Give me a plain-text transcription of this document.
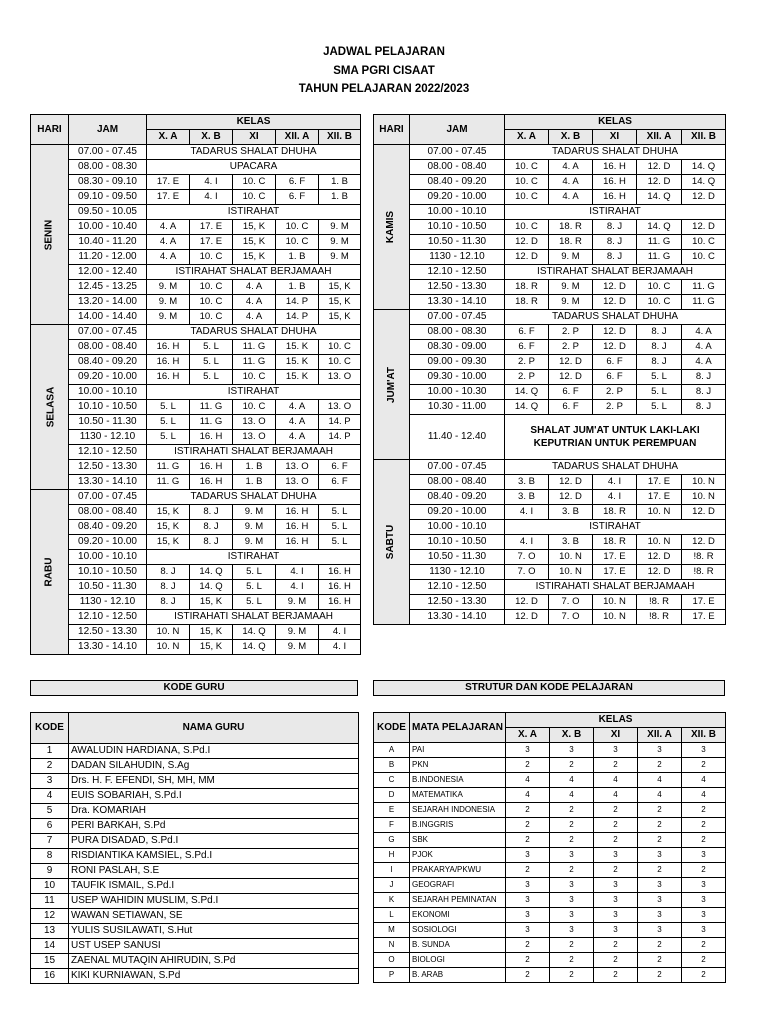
JADWAL PELAJARAN
SMA PGRI CISAAT
TAHUN PELAJARAN 2022/2023
HARI	JAM	KELAS				
		X. A	X. B	XI	XII. A	XII. B
SENIN	07.00 - 07.45	TADARUS SHALAT DHUHA				
	08.00 - 08.30	UPACARA				
	08.30 - 09.10	17. E	4. I	10. C	6. F	1. B
	09.10 - 09.50	17. E	4. I	10. C	6. F	1. B
	09.50 - 10.05	ISTIRAHAT				
	10.00 - 10.40	4. A	17. E	15, K	10. C	9. M
	10.40 - 11.20	4. A	17. E	15, K	10. C	9. M
	11.20 - 12.00	4. A	10. C	15, K	1. B	9. M
	12.00 - 12.40	ISTIRAHAT SHALAT BERJAMAAH				
	12.45 - 13.25	9. M	10. C	4. A	1. B	15, K
	13.20 - 14.00	9. M	10. C	4. A	14. P	15, K
	14.00 - 14.40	9. M	10. C	4. A	14. P	15, K
SELASA	07.00 - 07.45	TADARUS SHALAT DHUHA				
	08.00 - 08.40	16. H	5. L	11. G	15. K	10. C
	08.40 - 09.20	16. H	5. L	11. G	15. K	10. C
	09.20 - 10.00	16. H	5. L	10. C	15. K	13. O
	10.00 - 10.10	ISTIRAHAT				
	10.10 - 10.50	5. L	11. G	10. C	4. A	13. O
	10.50 - 11.30	5. L	11. G	13. O	4. A	14. P
	1130 - 12.10	5. L	16. H	13. O	4. A	14. P
	12.10 - 12.50	ISTIRAHATI SHALAT BERJAMAAH				
	12.50 - 13.30	11. G	16. H	1. B	13. O	6. F
	13.30 - 14.10	11. G	16. H	1. B	13. O	6. F
RABU	07.00 - 07.45	TADARUS SHALAT DHUHA				
	08.00 - 08.40	15, K	8. J	9. M	16. H	5. L
	08.40 - 09.20	15, K	8. J	9. M	16. H	5. L
	09.20 - 10.00	15, K	8. J	9. M	16. H	5. L
	10.00 - 10.10	ISTIRAHAT				
	10.10 - 10.50	8. J	14. Q	5. L	4. I	16. H
	10.50 - 11.30	8. J	14. Q	5. L	4. I	16. H
	1130 - 12.10	8. J	15, K	5. L	9. M	16. H
	12.10 - 12.50	ISTIRAHATI SHALAT BERJAMAAH				
	12.50 - 13.30	10. N	15, K	14. Q	9. M	4. I
	13.30 - 14.10	10. N	15, K	14. Q	9. M	4. I
HARI	JAM	KELAS				
		X. A	X. B	XI	XII. A	XII. B
KAMIS	07.00 - 07.45	TADARUS SHALAT DHUHA				
	08.00 - 08.40	10. C	4. A	16. H	12. D	14. Q
	08.40 - 09.20	10. C	4. A	16. H	12. D	14. Q
	09.20 - 10.00	10. C	4. A	16. H	14. Q	12. D
	10.00 - 10.10	ISTIRAHAT				
	10.10 - 10.50	10. C	18. R	8. J	14. Q	12. D
	10.50 - 11.30	12. D	18. R	8. J	11. G	10. C
	1130 - 12.10	12. D	9. M	8. J	11. G	10. C
	12.10 - 12.50	ISTIRAHAT SHALAT BERJAMAAH				
	12.50 - 13.30	18. R	9. M	12. D	10. C	11. G
	13.30 - 14.10	18. R	9. M	12. D	10. C	11. G
JUM'AT	07.00 - 07.45	TADARUS SHALAT DHUHA				
	08.00 - 08.30	6. F	2. P	12. D	8. J	4. A
	08.30 - 09.00	6. F	2. P	12. D	8. J	4. A
	09.00 - 09.30	2. P	12. D	6. F	8. J	4. A
	09.30 - 10.00	2. P	12. D	6. F	5. L	8. J
	10.00 - 10.30	14. Q	6. F	2. P	5. L	8. J
	10.30 - 11.00	14. Q	6. F	2. P	5. L	8. J
	11.40 - 12.40	SHALAT JUM'AT UNTUK LAKI-LAKI
KEPUTRIAN UNTUK PEREMPUAN				

SABTU	07.00 - 07.45	TADARUS SHALAT DHUHA				
	08.00 - 08.40	3. B	12. D	4. I	17. E	10. N
	08.40 - 09.20	3. B	12. D	4. I	17. E	10. N
	09.20 - 10.00	4. I	3. B	18. R	10. N	12. D
	10.00 - 10.10	ISTIRAHAT				
	10.10 - 10.50	4. I	3. B	18. R	10. N	12. D
	10.50 - 11.30	7. O	10. N	17. E	12. D	!8. R
	1130 - 12.10	7. O	10. N	17. E	12. D	!8. R
	12.10 - 12.50	ISTIRAHATI SHALAT BERJAMAAH				
	12.50 - 13.30	12. D	7. O	10. N	!8. R	17. E
	13.30 - 14.10	12. D	7. O	10. N	!8. R	17. E
KODE GURU	STRUTUR DAN KODE PELAJARAN
KODE	NAMA GURU
1	AWALUDIN HARDIANA, S.Pd.I
2	DADAN SILAHUDIN, S.Ag
3	Drs. H. F. EFENDI, SH, MH, MM
4	EUIS SOBARIAH, S.Pd.I
5	Dra. KOMARIAH
6	PERI BARKAH, S.Pd
7	PURA DISADAD, S.Pd.I
8	RISDIANTIKA KAMSIEL, S.Pd.I
9	RONI PASLAH, S.E
10	TAUFIK ISMAIL, S.Pd.I
11	USEP WAHIDIN MUSLIM, S.Pd.I
12	WAWAN SETIAWAN, SE
13	YULIS SUSILAWATI, S.Hut
14	UST USEP SANUSI
15	ZAENAL MUTAQIN AHIRUDIN, S.Pd
16	KIKI KURNIAWAN, S.Pd
KODE	MATA PELAJARAN	KELAS				
		X. A	X. B	XI	XII. A	XII. B
A	PAI	3	3	3	3	3
B	PKN	2	2	2	2	2
C	B.INDONESIA	4	4	4	4	4
D	MATEMATIKA	4	4	4	4	4
E	SEJARAH INDONESIA	2	2	2	2	2
F	B.INGGRIS	2	2	2	2	2
G	SBK	2	2	2	2	2
H	PJOK	3	3	3	3	3
I	PRAKARYA/PKWU	2	2	2	2	2
J	GEOGRAFI	3	3	3	3	3
K	SEJARAH PEMINATAN	3	3	3	3	3
L	EKONOMI	3	3	3	3	3
M	SOSIOLOGI	3	3	3	3	3
N	B. SUNDA	2	2	2	2	2
O	BIOLOGI	2	2	2	2	2
P	B. ARAB	2	2	2	2	2
